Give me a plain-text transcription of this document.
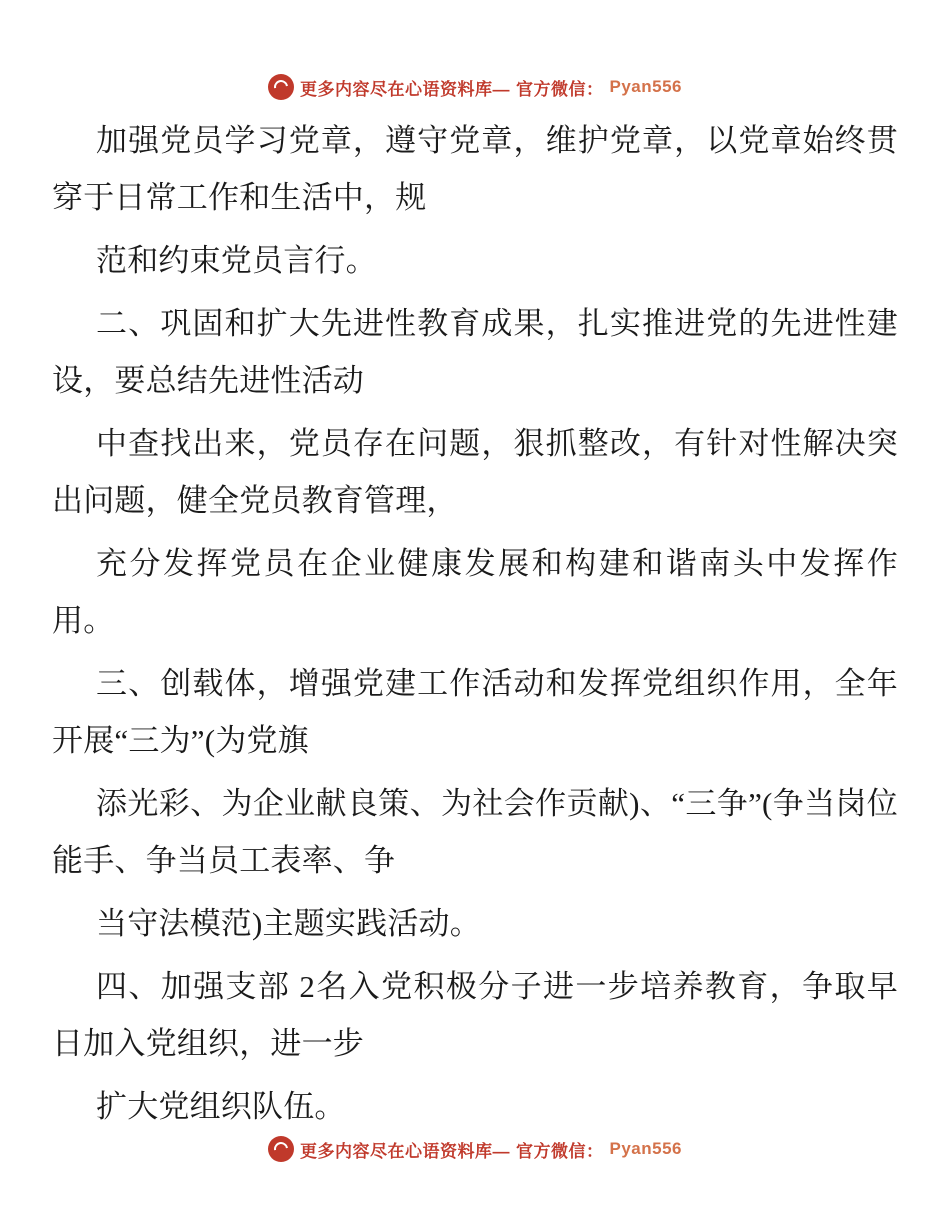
更多内容尽在心语资料库— 官方微信： Pyan556

加强党员学习党章，遵守党章，维护党章，以党章始终贯穿于日常工作和生活中，规

范和约束党员言行。

二、巩固和扩大先进性教育成果，扎实推进党的先进性建设，要总结先进性活动

中查找出来，党员存在问题，狠抓整改，有针对性解决突出问题，健全党员教育管理，

充分发挥党员在企业健康发展和构建和谐南头中发挥作用。

三、创载体，增强党建工作活动和发挥党组织作用，全年开展“三为”(为党旗

添光彩、为企业献良策、为社会作贡献)、“三争”(争当岗位能手、争当员工表率、争

当守法模范)主题实践活动。

四、加强支部 2名入党积极分子进一步培养教育，争取早日加入党组织，进一步

扩大党组织队伍。

更多内容尽在心语资料库— 官方微信： Pyan556
